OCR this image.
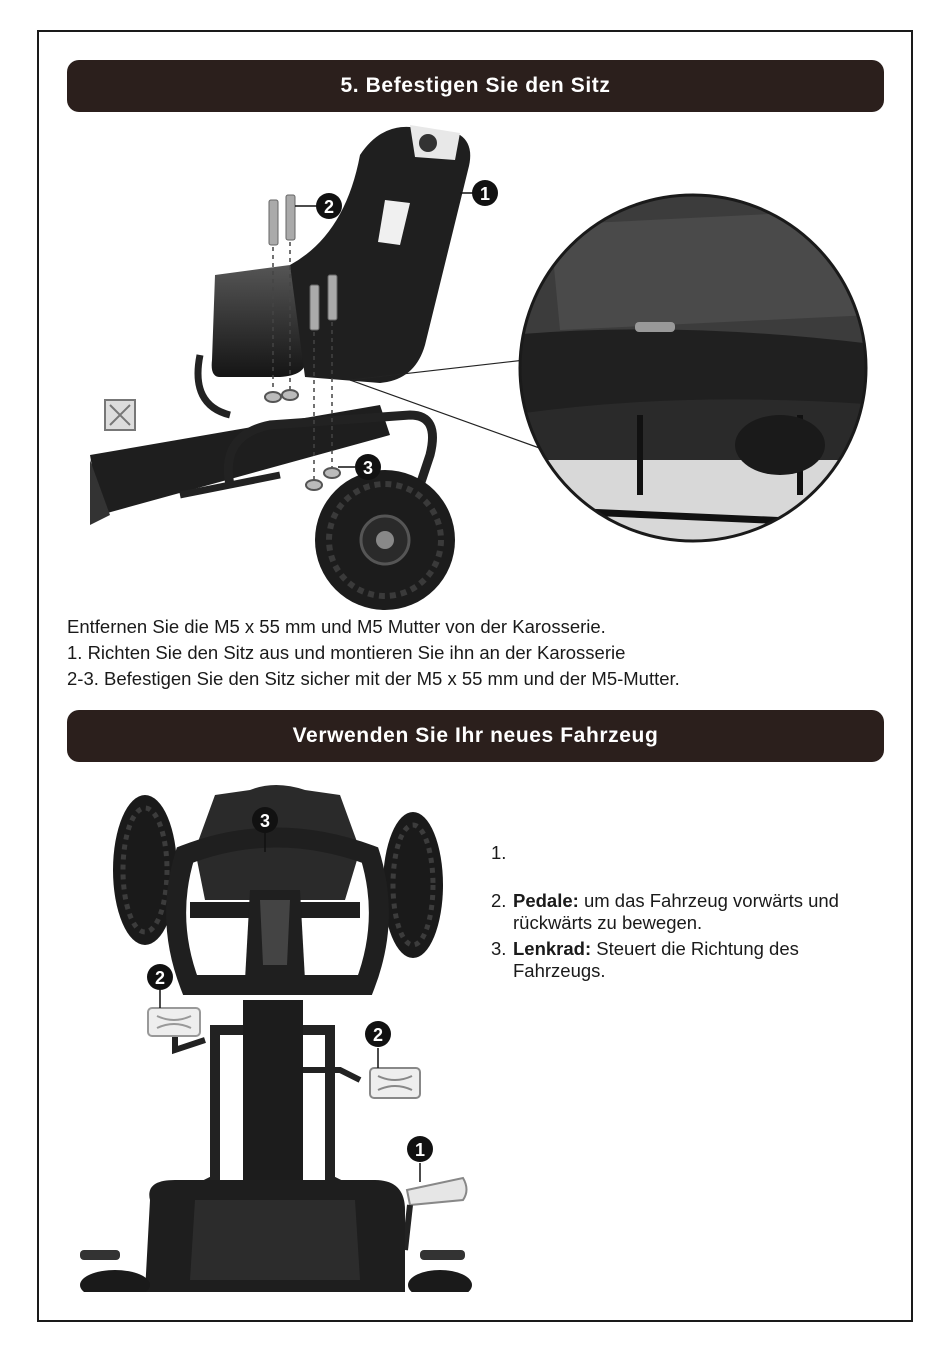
5. Befestigen Sie den Sitz
1
2
3

Entfernen Sie die M5 x 55 mm und M5 Mutter von der Karosserie.

1. Richten Sie den Sitz aus und montieren Sie ihn an der Karosserie

2-3. Befestigen Sie den Sitz sicher mit der M5 x 55 mm und der M5-Mutter.

Verwenden Sie Ihr neues Fahrzeug
3
2
2
1
1.
2. Pedale: um das Fahrzeug vorwärts und rückwärts zu bewegen.
3. Lenkrad: Steuert die Richtung des Fahrzeugs.
